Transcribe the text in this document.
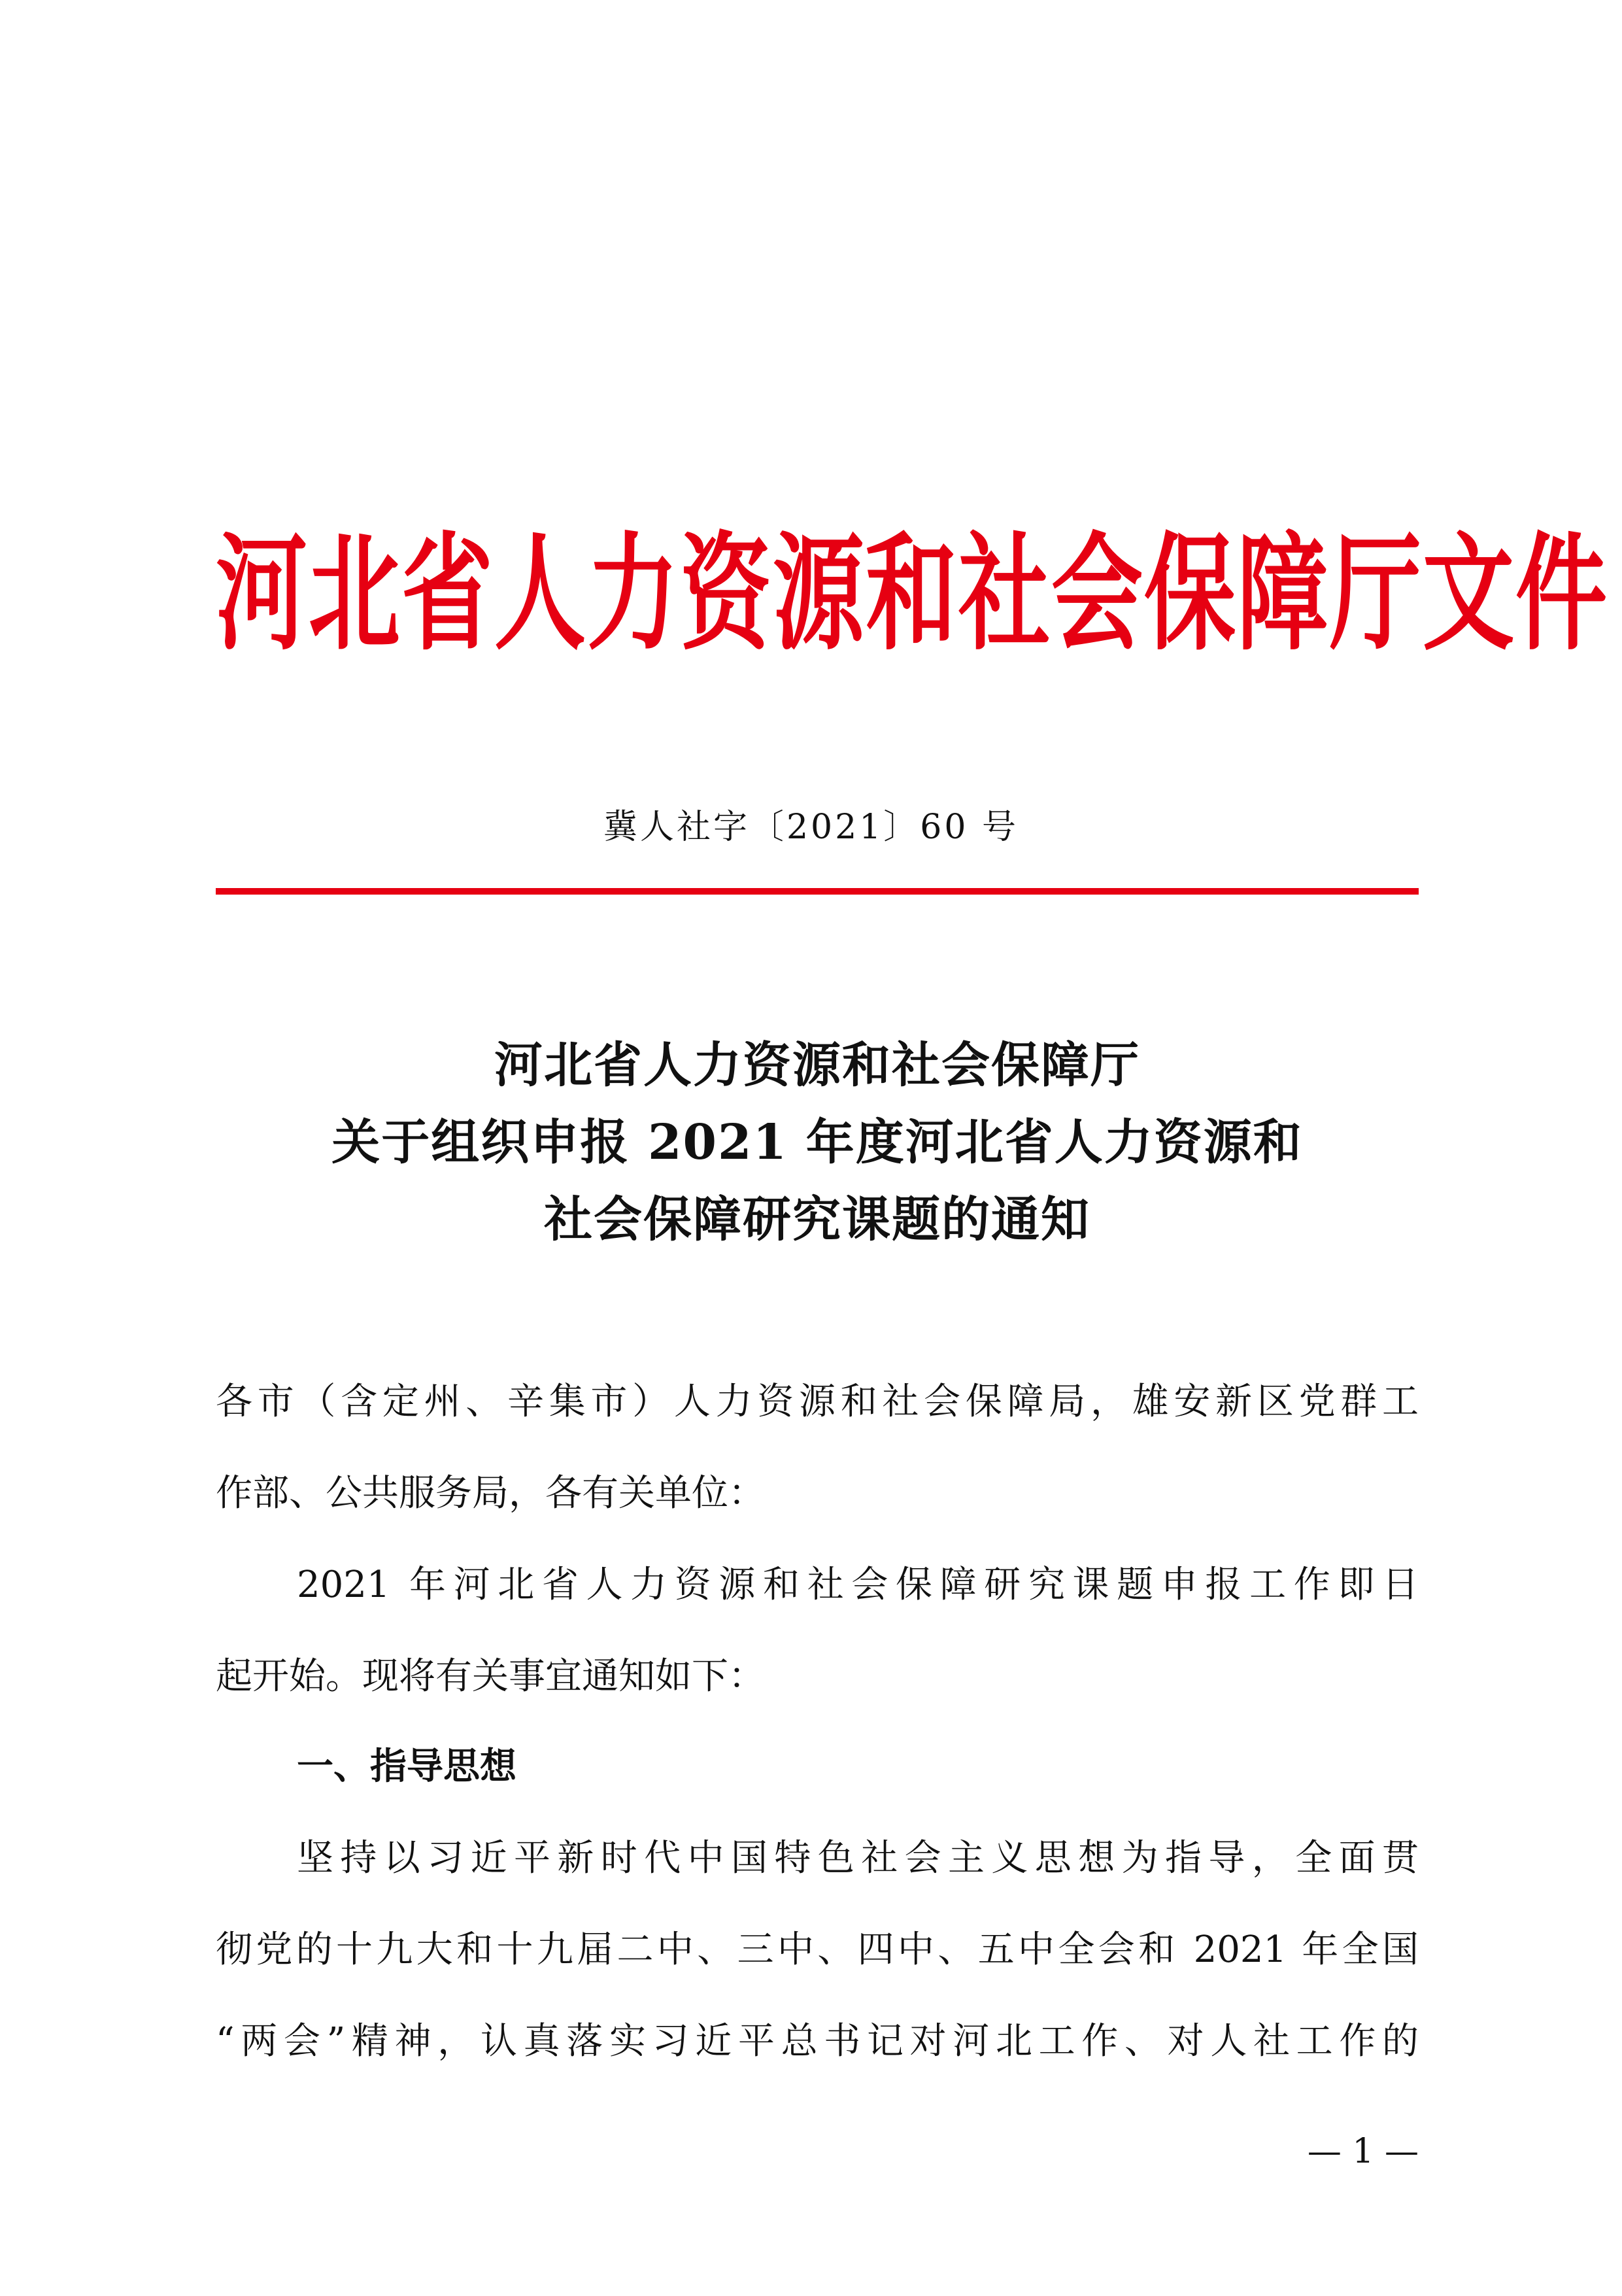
河北省人力资源和社会保障厅文件
冀人社字〔2021〕60 号
河北省人力资源和社会保障厅
关于组织申报 2021 年度河北省人力资源和
社会保障研究课题的通知
各市（含定州、辛集市）人力资源和社会保障局，雄安新区党群工
作部、公共服务局，各有关单位：
2021 年河北省人力资源和社会保障研究课题申报工作即日
起开始。现将有关事宜通知如下：
一、指导思想
坚持以习近平新时代中国特色社会主义思想为指导，全面贯
彻党的十九大和十九届二中、三中、四中、五中全会和 2021 年全国
“两会”精神，认真落实习近平总书记对河北工作、对人社工作的
— 1 —
